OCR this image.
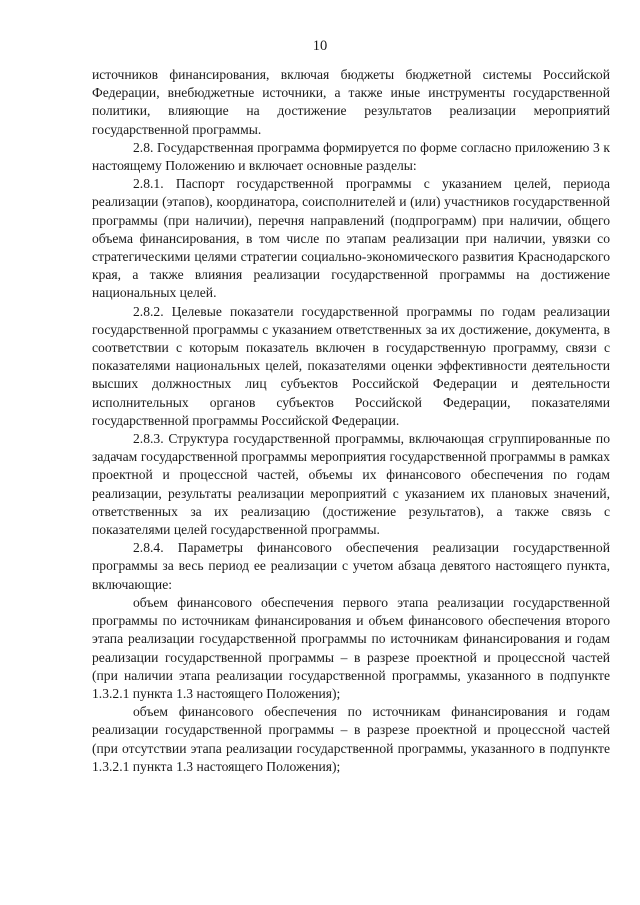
10

источников финансирования, включая бюджеты бюджетной системы Российской Федерации, внебюджетные источники, а также иные инструменты государственной политики, влияющие на достижение результатов реализации мероприятий государственной программы.

2.8. Государственная программа формируется по форме согласно приложению 3 к настоящему Положению и включает основные разделы:

2.8.1. Паспорт государственной программы с указанием целей, периода реализации (этапов), координатора, соисполнителей и (или) участников государственной программы (при наличии), перечня направлений (подпрограмм) при наличии, общего объема финансирования, в том числе по этапам реализации при наличии, увязки со стратегическими целями стратегии социально-экономического развития Краснодарского края, а также влияния реализации государственной программы на достижение национальных целей.

2.8.2. Целевые показатели государственной программы по годам реализации государственной программы с указанием ответственных за их достижение, документа, в соответствии с которым показатель включен в государственную программу, связи с показателями национальных целей, показателями оценки эффективности деятельности высших должностных лиц субъектов Российской Федерации и деятельности исполнительных органов субъектов Российской Федерации, показателями государственной программы Российской Федерации.

2.8.3. Структура государственной программы, включающая сгруппированные по задачам государственной программы мероприятия государственной программы в рамках проектной и процессной частей, объемы их финансового обеспечения по годам реализации, результаты реализации мероприятий с указанием их плановых значений, ответственных за их реализацию (достижение результатов), а также связь с показателями целей государственной программы.

2.8.4. Параметры финансового обеспечения реализации государственной программы за весь период ее реализации с учетом абзаца девятого настоящего пункта, включающие:

объем финансового обеспечения первого этапа реализации государственной программы по источникам финансирования и объем финансового обеспечения второго этапа реализации государственной программы по источникам финансирования и годам реализации государственной программы – в разрезе проектной и процессной частей (при наличии этапа реализации государственной программы, указанного в подпункте 1.3.2.1 пункта 1.3 настоящего Положения);

объем финансового обеспечения по источникам финансирования и годам реализации государственной программы – в разрезе проектной и процессной частей (при отсутствии этапа реализации государственной программы, указанного в подпункте 1.3.2.1 пункта 1.3 настоящего Положения);
